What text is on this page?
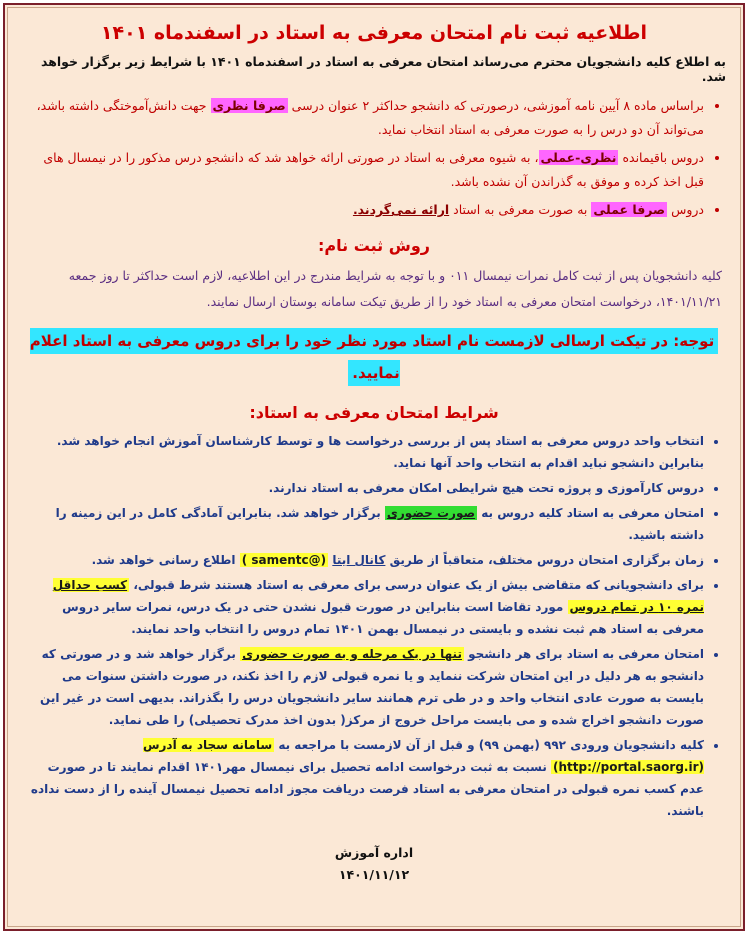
اطلاعیه ثبت نام امتحان معرفی به استاد در اسفندماه ۱۴۰۱

به اطلاع کلیه دانشجویان محترم می‌رساند امتحان معرفی به استاد در اسفندماه ۱۴۰۱ با شرایط زیر برگزار خواهد شد.

• براساس ماده ۸ آیین نامه آموزشی، درصورتی که دانشجو حداکثر ۲ عنوان درسی صرفا نظری جهت دانش‌آموختگی داشته باشد، می‌تواند آن دو درس را به صورت معرفی به استاد انتخاب نماید.
• دروس باقیمانده نظری-عملی، به شیوه معرفی به استاد در صورتی ارائه خواهد شد که دانشجو درس مذکور را در نیمسال های قبل اخذ کرده و موفق به گذراندن آن نشده باشد.
• دروس صرفا عملی به صورت معرفی به استاد ارائه نمی‌گردند.
روش ثبت نام:

کلیه دانشجویان پس از ثبت کامل نمرات نیمسال ۰۱۱ و با توجه به شرایط مندرج در این اطلاعیه، لازم است حداکثر تا روز جمعه ۱۴۰۱/۱۱/۲۱، درخواست امتحان معرفی به استاد خود را از طریق تیکت سامانه بوستان ارسال نمایند.

توجه: در تیکت ارسالی لازمست نام استاد مورد نظر خود را برای دروس معرفی به استاد اعلام نمایید.
شرایط امتحان معرفی به استاد:
• انتخاب واحد دروس معرفی به استاد پس از بررسی درخواست ها و توسط کارشناسان آموزش انجام خواهد شد. بنابراین دانشجو نباید اقدام به انتخاب واحد آنها نماید.
• دروس کارآموزی و پروژه تحت هیچ شرایطی امکان معرفی به استاد ندارند.
• امتحان معرفی به استاد کلیه دروس به صورت حضوری برگزار خواهد شد. بنابراین آمادگی کامل در این زمینه را داشته باشید.
• زمان برگزاری امتحان دروس مختلف، متعاقباً از طریق کانال ایتا (@samentc ) اطلاع رسانی خواهد شد.
• برای دانشجویانی که متقاضی بیش از یک عنوان درسی برای معرفی به استاد هستند شرط قبولی، کسب حداقل نمره ۱۰ در تمام دروس مورد تقاضا است بنابراین در صورت قبول نشدن حتی در یک درس، نمرات سایر دروس معرفی به استاد هم ثبت نشده و بایستی در نیمسال بهمن ۱۴۰۱ تمام دروس را انتخاب واحد نمایند.
• امتحان معرفی به استاد برای هر دانشجو تنها در یک مرحله و به صورت حضوری برگزار خواهد شد و در صورتی که دانشجو به هر دلیل در این امتحان شرکت ننماید و یا نمره قبولی لازم را اخذ نکند، در صورت داشتن سنوات می بایست به صورت عادی انتخاب واحد و در طی ترم همانند سایر دانشجویان درس را بگذراند. بدیهی است در غیر این صورت دانشجو اخراج شده و می بایست مراحل خروج از مرکز( بدون اخذ مدرک تحصیلی) را طی نماید.
• کلیه دانشجویان ورودی ۹۹۲ (بهمن ۹۹) و قبل از آن لازمست با مراجعه به سامانه سجاد به آدرس (http://portal.saorg.ir) نسبت به ثبت درخواست ادامه تحصیل برای نیمسال مهر۱۴۰۱ اقدام نمایند تا در صورت عدم کسب نمره قبولی در امتحان معرفی به استاد فرصت دریافت مجوز ادامه تحصیل نیمسال آینده را از دست نداده باشند.
اداره آموزش
۱۴۰۱/۱۱/۱۲
